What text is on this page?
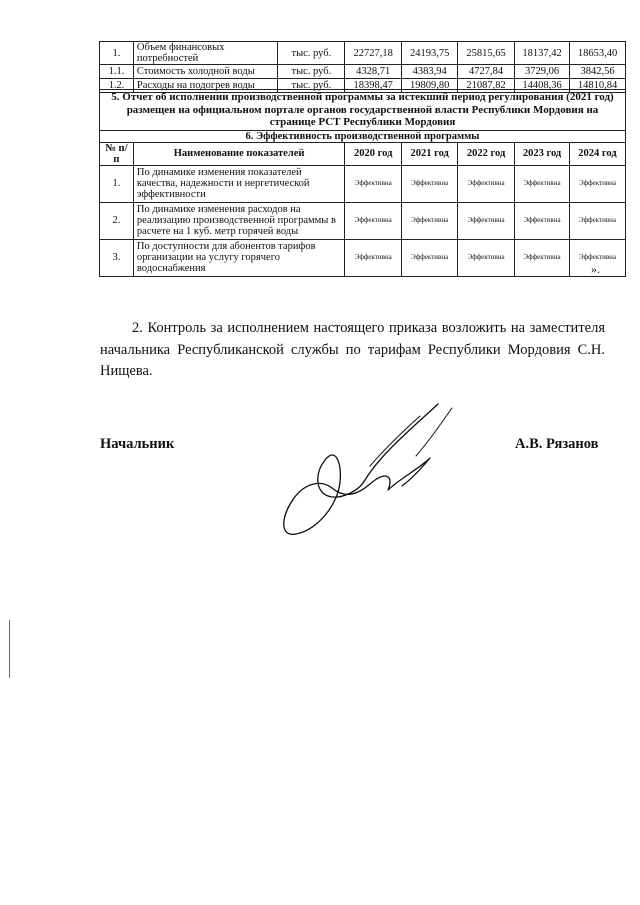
1.	Объем финансовых потребностей	тыс. руб.	22727,18	24193,75	25815,65	18137,42	18653,40
1.1.	Стоимость холодной воды	тыс. руб.	4328,71	4383,94	4727,84	3729,06	3842,56
1.2.	Расходы на подогрев воды	тыс. руб.	18398,47	19809,80	21087,82	14408,36	14810,84
5. Отчет об исполнении производственной программы за истекший период регулирования (2021 год) размещен на официальном портале органов государственной власти Республики Мордовия на странице РСТ Республики Мордовия						
6. Эффективность производственной программы						
№ п/п	Наименование показателей	2020 год	2021 год	2022 год	2023 год	2024 год
1.	По динамике изменения показателей качества, надежности и нергетической эффективности	Эффективна	Эффективна	Эффективна	Эффективна	Эффективна
2.	По динамике изменения расходов на реализацию производственной программы в расчете на 1 куб. метр горячей воды	Эффективна	Эффективна	Эффективна	Эффективна	Эффективна
3.	По доступности для абонентов тарифов организации на услугу горячего водоснабжения	Эффективна	Эффективна	Эффективна	Эффективна	Эффективна
».

2. Контроль за исполнением настоящего приказа возложить на заместителя начальника Республиканской службы по тарифам Республики Мордовия С.Н. Нищева.

Начальник	А.В. Рязанов
